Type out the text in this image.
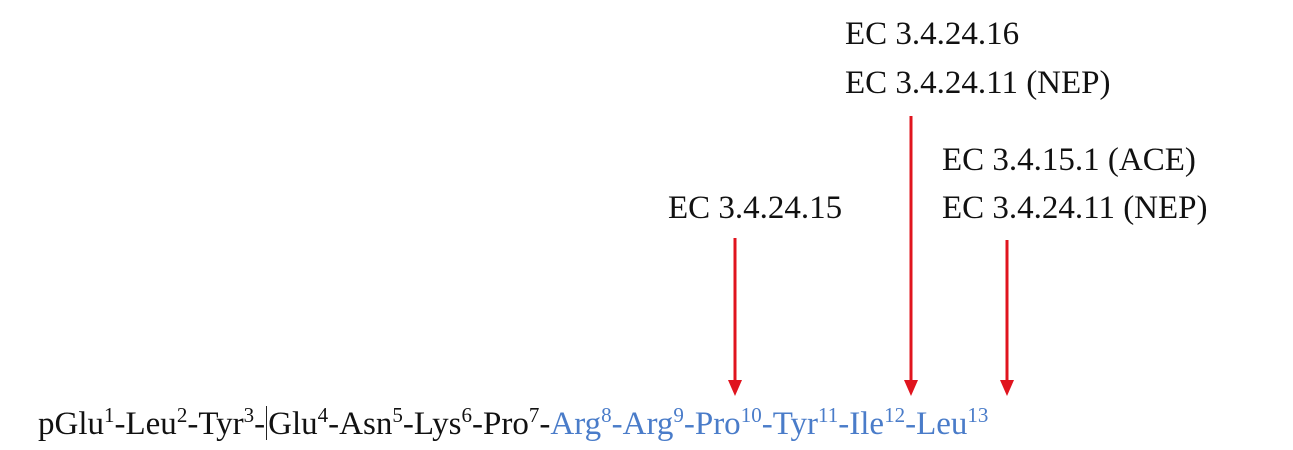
EC 3.4.24.16
EC 3.4.24.11 (NEP)
EC 3.4.15.1 (ACE)
EC 3.4.24.11 (NEP)
EC 3.4.24.15
pGlu$^1$-Leu$^2$-Tyr$^3$-Glu$^4$-Asn$^5$-Lys$^6$-Pro$^7$-Arg$^8$-Arg$^9$-Pro$^{10}$-Tyr$^{11}$-Ile$^{12}$-Leu$^{13}$
